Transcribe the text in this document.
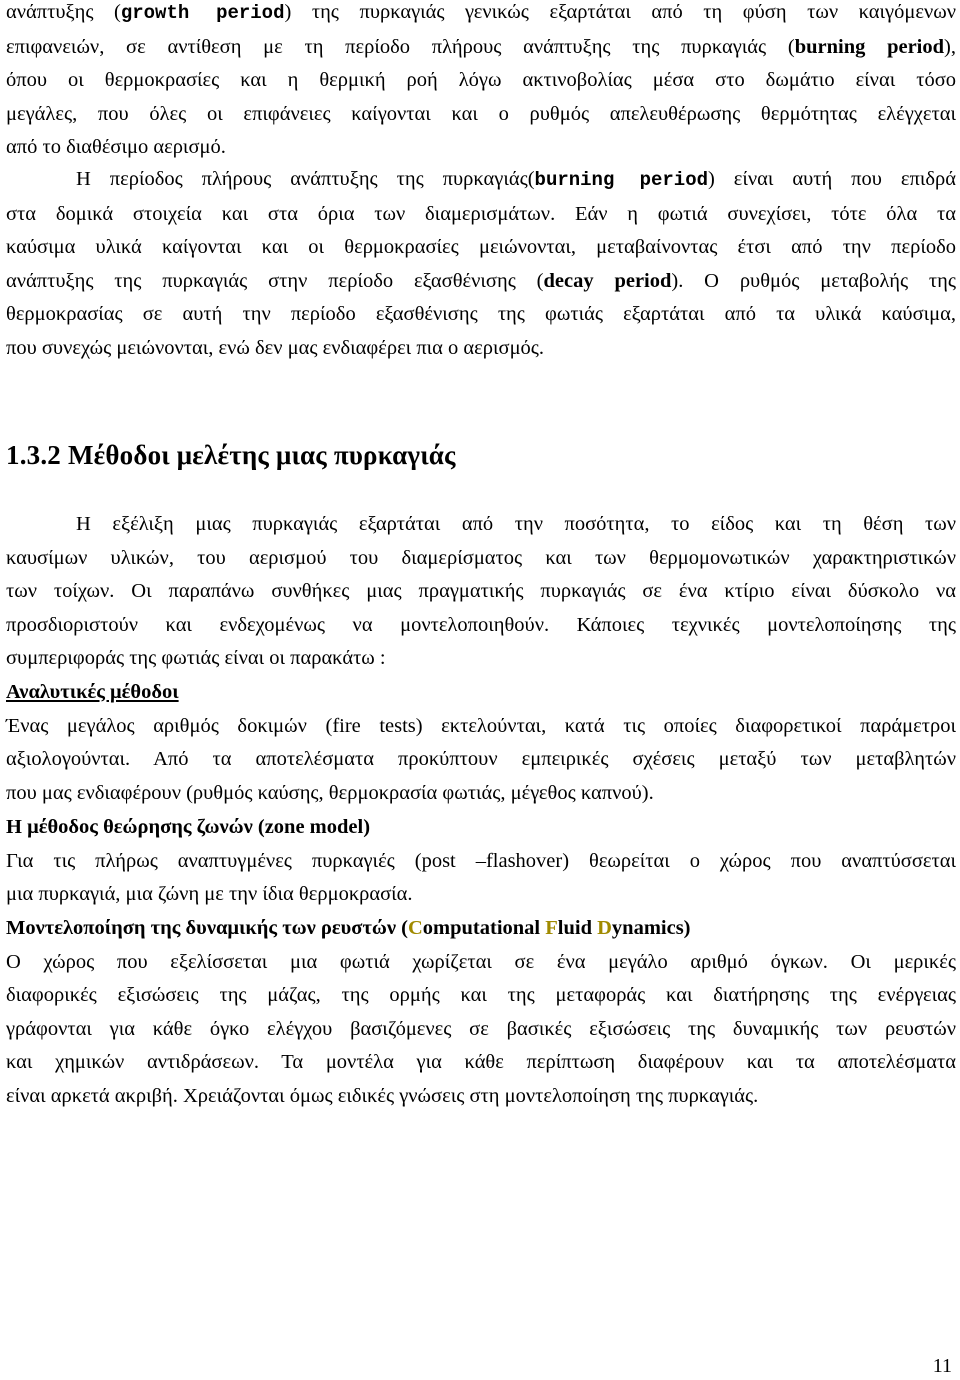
ανάπτυξης (growth period) της πυρκαγιάς γενικώς εξαρτάται από τη φύση των καιγόμενων
επιφανειών, σε αντίθεση με τη περίοδο πλήρους ανάπτυξης της πυρκαγιάς (burning period),
όπου οι θερμοκρασίες και η θερμική ροή λόγω ακτινοβολίας μέσα στο δωμάτιο είναι τόσο
μεγάλες, που όλες οι επιφάνειες καίγονται και ο ρυθμός απελευθέρωσης θερμότητας ελέγχεται
από το διαθέσιμο αερισμό.
Η περίοδος πλήρους ανάπτυξης της πυρκαγιάς(burning period) είναι αυτή που επιδρά
στα δομικά στοιχεία και στα όρια των διαμερισμάτων. Εάν η φωτιά συνεχίσει, τότε όλα τα
καύσιμα υλικά καίγονται και οι θερμοκρασίες μειώνονται, μεταβαίνοντας έτσι από την περίοδο
ανάπτυξης της πυρκαγιάς στην περίοδο εξασθένισης (decay period). Ο ρυθμός μεταβολής της
θερμοκρασίας σε αυτή την περίοδο εξασθένισης της φωτιάς εξαρτάται από τα υλικά καύσιμα,
που συνεχώς μειώνονται, ενώ δεν μας ενδιαφέρει πια ο αερισμός.
1.3.2 Μέθοδοι μελέτης μιας πυρκαγιάς
Η εξέλιξη μιας πυρκαγιάς εξαρτάται από την ποσότητα, το είδος και τη θέση των
καυσίμων υλικών, του αερισμού του διαμερίσματος και των θερμομονωτικών χαρακτηριστικών
των τοίχων. Οι παραπάνω συνθήκες μιας πραγματικής πυρκαγιάς σε ένα κτίριο είναι δύσκολο να
προσδιοριστούν και ενδεχομένως να μοντελοποιηθούν. Κάποιες τεχνικές μοντελοποίησης της
συμπεριφοράς της φωτιάς είναι οι παρακάτω :
Αναλυτικές μέθοδοι
Ένας μεγάλος αριθμός δοκιμών (fire tests) εκτελούνται, κατά τις οποίες διαφορετικοί παράμετροι
αξιολογούνται. Από τα αποτελέσματα προκύπτουν εμπειρικές σχέσεις μεταξύ των μεταβλητών
που μας ενδιαφέρουν (ρυθμός καύσης, θερμοκρασία φωτιάς, μέγεθος καπνού).
Η μέθοδος θεώρησης ζωνών (zone model)
Για τις πλήρως αναπτυγμένες πυρκαγιές (post –flashover) θεωρείται ο χώρος που αναπτύσσεται
μια πυρκαγιά, μια ζώνη με την ίδια θερμοκρασία.
Μοντελοποίηση της δυναμικής των ρευστών (Computational Fluid Dynamics)
Ο χώρος που εξελίσσεται μια φωτιά χωρίζεται σε ένα μεγάλο αριθμό όγκων. Οι μερικές
διαφορικές εξισώσεις της μάζας, της ορμής και της μεταφοράς και διατήρησης της ενέργειας
γράφονται για κάθε όγκο ελέγχου βασιζόμενες σε βασικές εξισώσεις της δυναμικής των ρευστών
και χημικών αντιδράσεων. Τα μοντέλα για κάθε περίπτωση διαφέρουν και τα αποτελέσματα
είναι αρκετά ακριβή. Χρειάζονται όμως ειδικές γνώσεις στη μοντελοποίηση της πυρκαγιάς.
11
